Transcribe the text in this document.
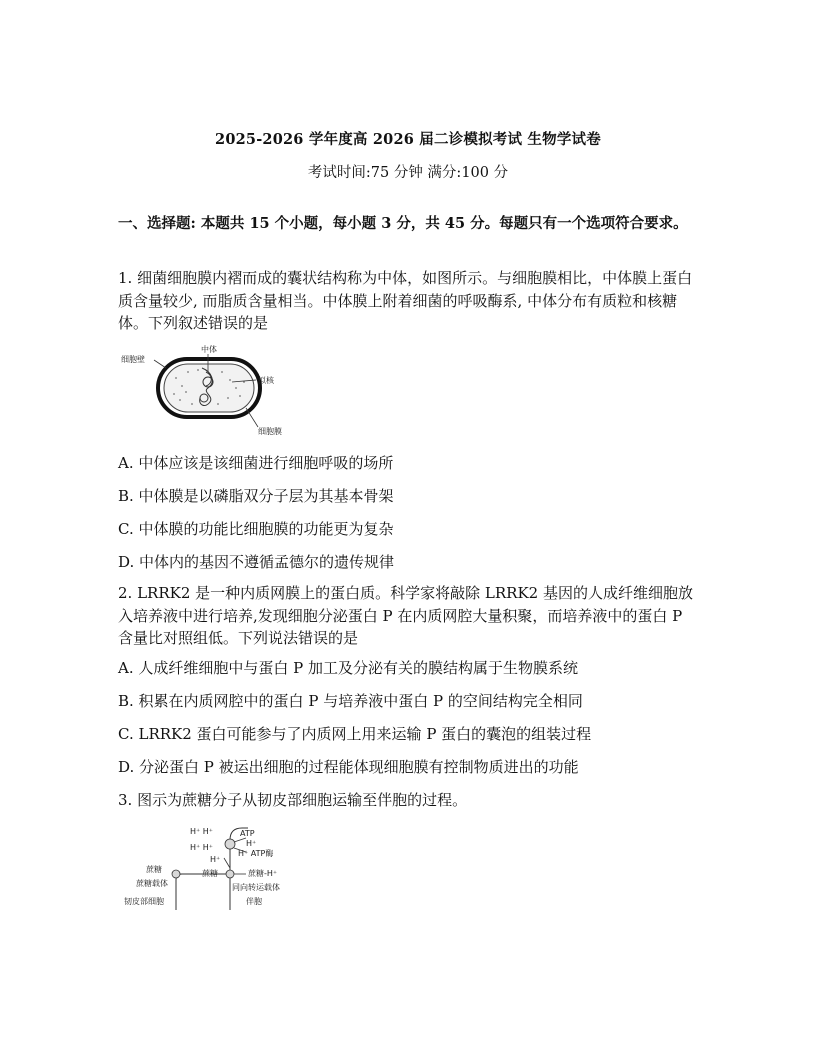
2025-2026 学年度高 2026 届二诊模拟考试 生物学试卷
考试时间:75 分钟 满分:100 分
一、选择题: 本题共 15 个小题，每小题 3 分，共 45 分。每题只有一个选项符合要求。
1. 细菌细胞膜内褶而成的囊状结构称为中体，如图所示。与细胞膜相比，中体膜上蛋白质含量较少, 而脂质含量相当。中体膜上附着细菌的呼吸酶系, 中体分布有质粒和核糖体。下列叙述错误的是
细胞壁
中体
拟核
细胞膜
A. 中体应该是该细菌进行细胞呼吸的场所
B. 中体膜是以磷脂双分子层为其基本骨架
C. 中体膜的功能比细胞膜的功能更为复杂
D. 中体内的基因不遵循孟德尔的遗传规律
2. LRRK2 是一种内质网膜上的蛋白质。科学家将敲除 LRRK2 基因的人成纤维细胞放入培养液中进行培养,发现细胞分泌蛋白 P 在内质网腔大量积聚，而培养液中的蛋白 P 含量比对照组低。下列说法错误的是
A. 人成纤维细胞中与蛋白 P 加工及分泌有关的膜结构属于生物膜系统
B. 积累在内质网腔中的蛋白 P 与培养液中蛋白 P 的空间结构完全相同
C. LRRK2 蛋白可能参与了内质网上用来运输 P 蛋白的囊泡的组装过程
D. 分泌蛋白 P 被运出细胞的过程能体现细胞膜有控制物质进出的功能
3. 图示为蔗糖分子从韧皮部细胞运输至伴胞的过程。
H⁺ H⁺
H⁺ H⁺
H⁺
ATP
H⁺
H⁺ ATP酶
蔗糖	蔗糖	蔗糖-H⁺
蔗糖载体	同向转运载体
韧皮部细胞	伴胞
